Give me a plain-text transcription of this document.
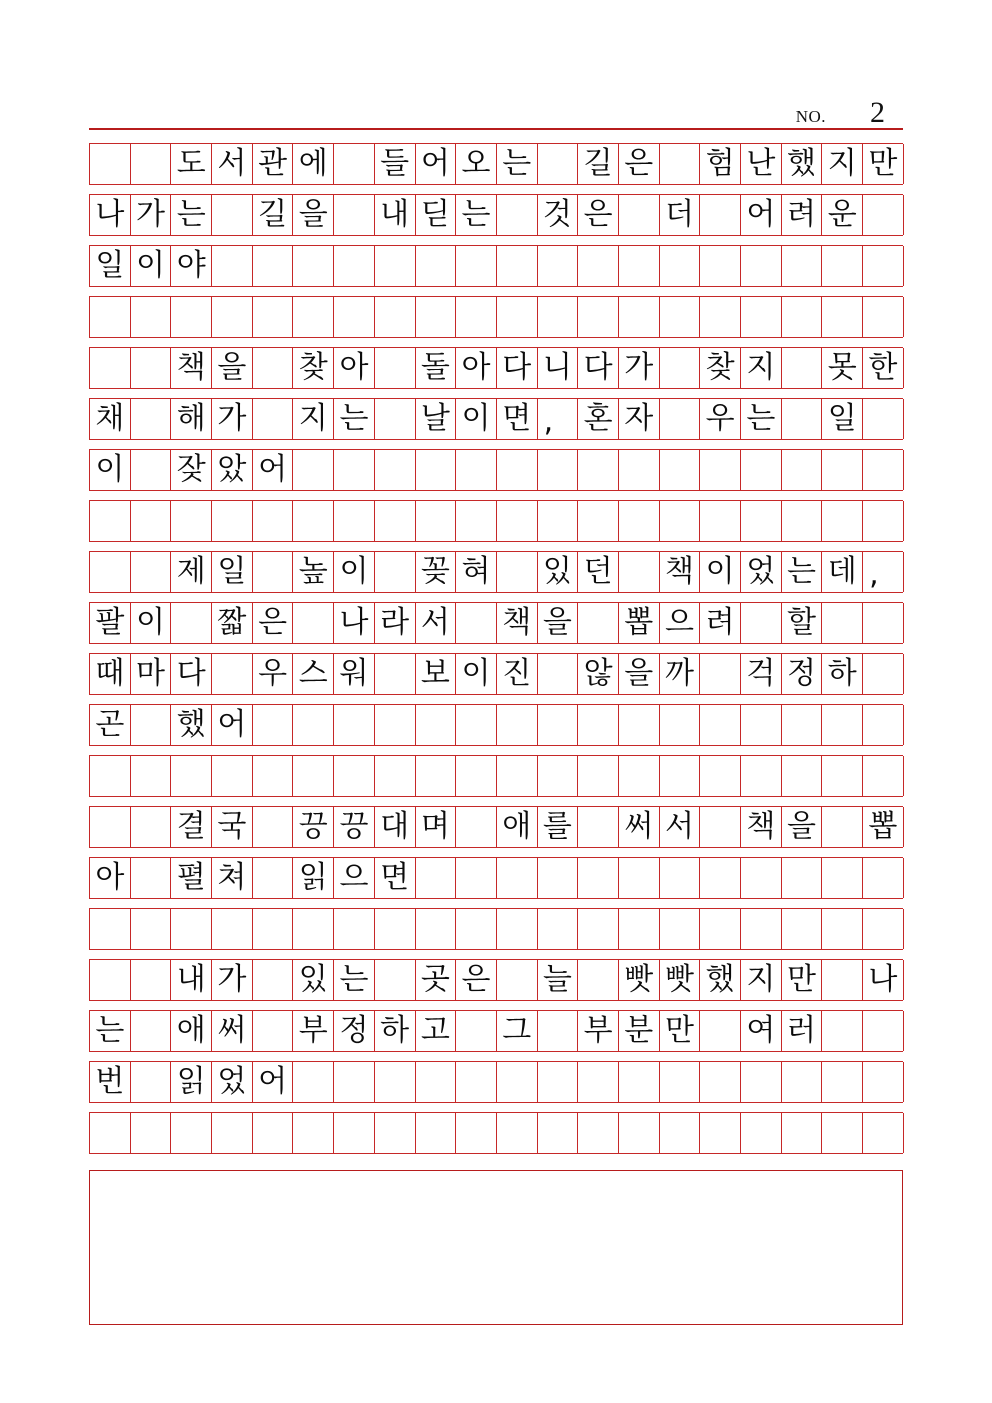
NO. 2
도 서 관 에 들 어 오 는 길 은 험 난 했 지 만
나 가 는 길 을 내 딛 는 것 은 더 어 려 운
일 이 야
책 을 찾 아 돌 아 다 니 다 가 찾 지 못 한
채 해 가 지 는 날 이 면 ,	혼 자 우 는 일
이 잦 았 어
제 일 높 이 꽂 혀 있 던 책 이 었 는 데 ,
팔 이 짧 은 나 라 서 책 을 뽑 으 려 할
때 마 다 우 스 워 보 이 진 않 을 까 걱 정 하
곤 했 어
결 국 끙 끙 대 며 애 를 써 서 책 을 뽑
아 펼 쳐 읽 으 면
내 가 있 는 곳 은 늘 빳 빳 했 지 만 나
는 애 써 부 정 하 고 그 부 분 만 여 러
번 읽 었 어
